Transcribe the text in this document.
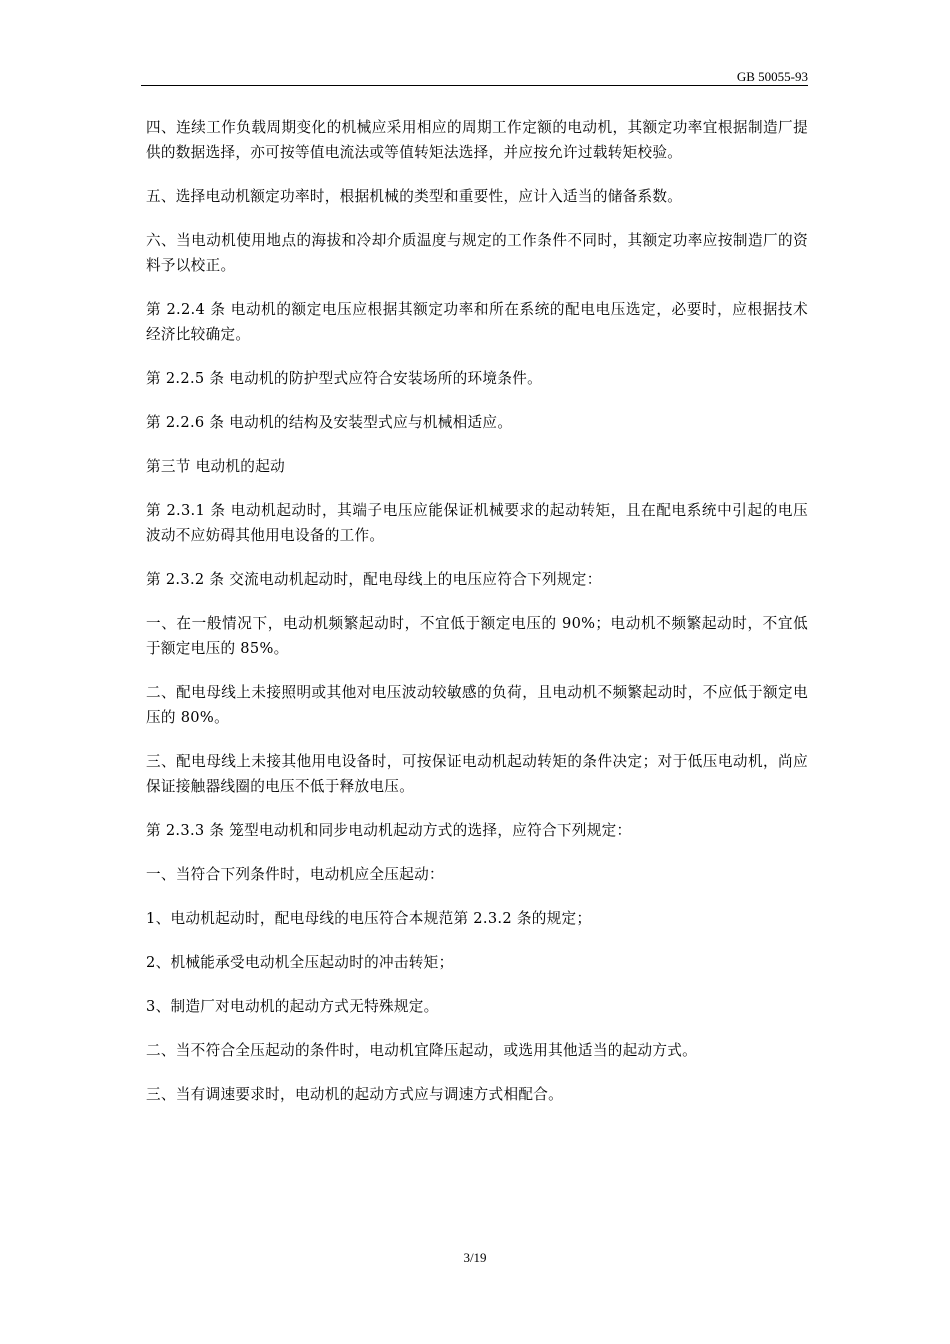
GB 50055-93

四、连续工作负载周期变化的机械应采用相应的周期工作定额的电动机，其额定功率宜根据制造厂提供的数据选择，亦可按等值电流法或等值转矩法选择，并应按允许过载转矩校验。

五、选择电动机额定功率时，根据机械的类型和重要性，应计入适当的储备系数。

六、当电动机使用地点的海拔和冷却介质温度与规定的工作条件不同时，其额定功率应按制造厂的资料予以校正。

第 2.2.4 条 电动机的额定电压应根据其额定功率和所在系统的配电电压选定，必要时，应根据技术经济比较确定。

第 2.2.5 条 电动机的防护型式应符合安装场所的环境条件。

第 2.2.6 条 电动机的结构及安装型式应与机械相适应。

第三节 电动机的起动

第 2.3.1 条 电动机起动时，其端子电压应能保证机械要求的起动转矩，且在配电系统中引起的电压波动不应妨碍其他用电设备的工作。

第 2.3.2 条 交流电动机起动时，配电母线上的电压应符合下列规定：

一、在一般情况下，电动机频繁起动时，不宜低于额定电压的 90%；电动机不频繁起动时，不宜低于额定电压的 85%。

二、配电母线上未接照明或其他对电压波动较敏感的负荷，且电动机不频繁起动时，不应低于额定电压的 80%。

三、配电母线上未接其他用电设备时，可按保证电动机起动转矩的条件决定；对于低压电动机，尚应保证接触器线圈的电压不低于释放电压。

第 2.3.3 条 笼型电动机和同步电动机起动方式的选择，应符合下列规定：

一、当符合下列条件时，电动机应全压起动：

1、电动机起动时，配电母线的电压符合本规范第 2.3.2 条的规定；

2、机械能承受电动机全压起动时的冲击转矩；

3、制造厂对电动机的起动方式无特殊规定。

二、当不符合全压起动的条件时，电动机宜降压起动，或选用其他适当的起动方式。

三、当有调速要求时，电动机的起动方式应与调速方式相配合。

3/19
